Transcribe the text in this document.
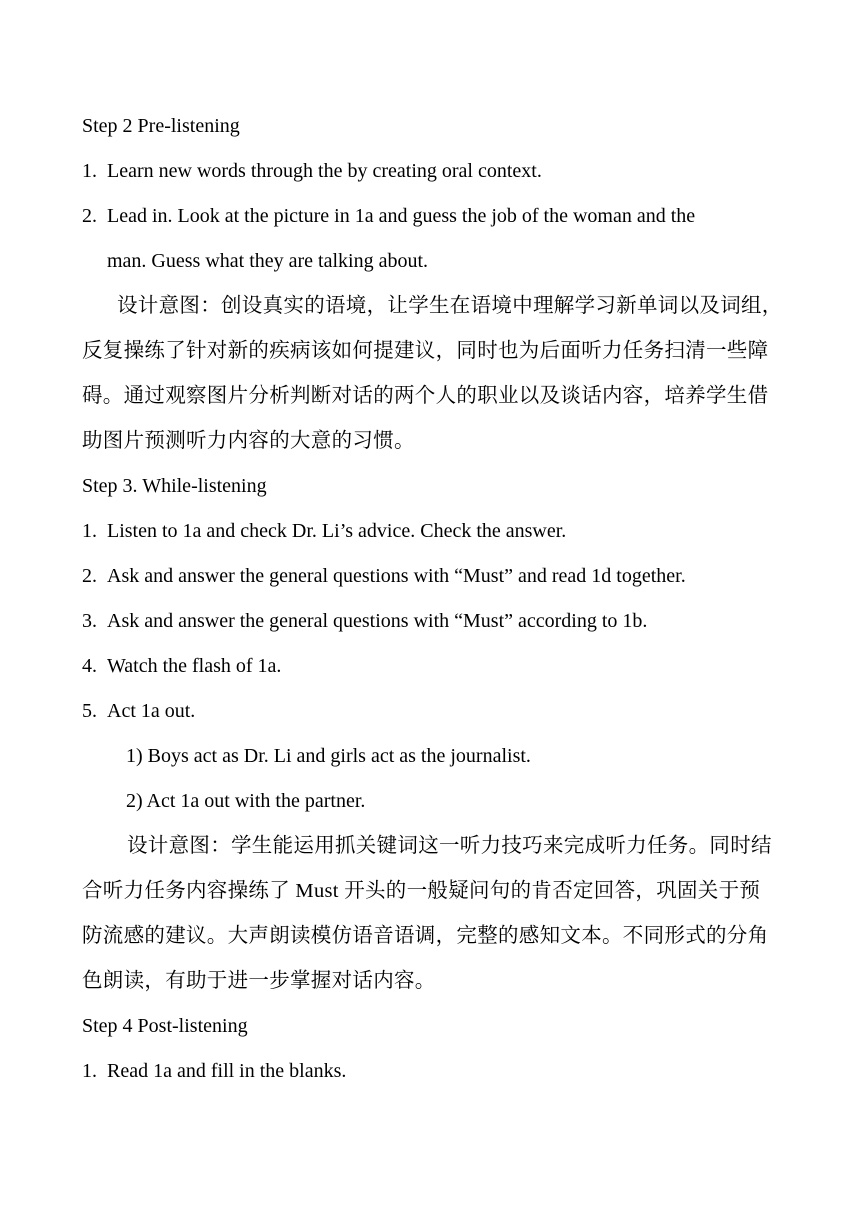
Step 2 Pre-listening
1. Learn new words through the by creating oral context.
2. Lead in. Look at the picture in 1a and guess the job of the woman and the
man. Guess what they are talking about.
设计意图：创设真实的语境，让学生在语境中理解学习新单词以及词组，
反复操练了针对新的疾病该如何提建议，同时也为后面听力任务扫清一些障
碍。通过观察图片分析判断对话的两个人的职业以及谈话内容，培养学生借
助图片预测听力内容的大意的习惯。
Step 3. While-listening
1. Listen to 1a and check Dr. Li’s advice. Check the answer.
2. Ask and answer the general questions with “Must” and read 1d together.
3. Ask and answer the general questions with “Must” according to 1b.
4. Watch the flash of 1a.
5. Act 1a out.
1) Boys act as Dr. Li and girls act as the journalist.
2) Act 1a out with the partner.
设计意图：学生能运用抓关键词这一听力技巧来完成听力任务。同时结
合听力任务内容操练了 Must 开头的一般疑问句的肯否定回答，巩固关于预
防流感的建议。大声朗读模仿语音语调，完整的感知文本。不同形式的分角
色朗读，有助于进一步掌握对话内容。
Step 4 Post-listening
1. Read 1a and fill in the blanks.
